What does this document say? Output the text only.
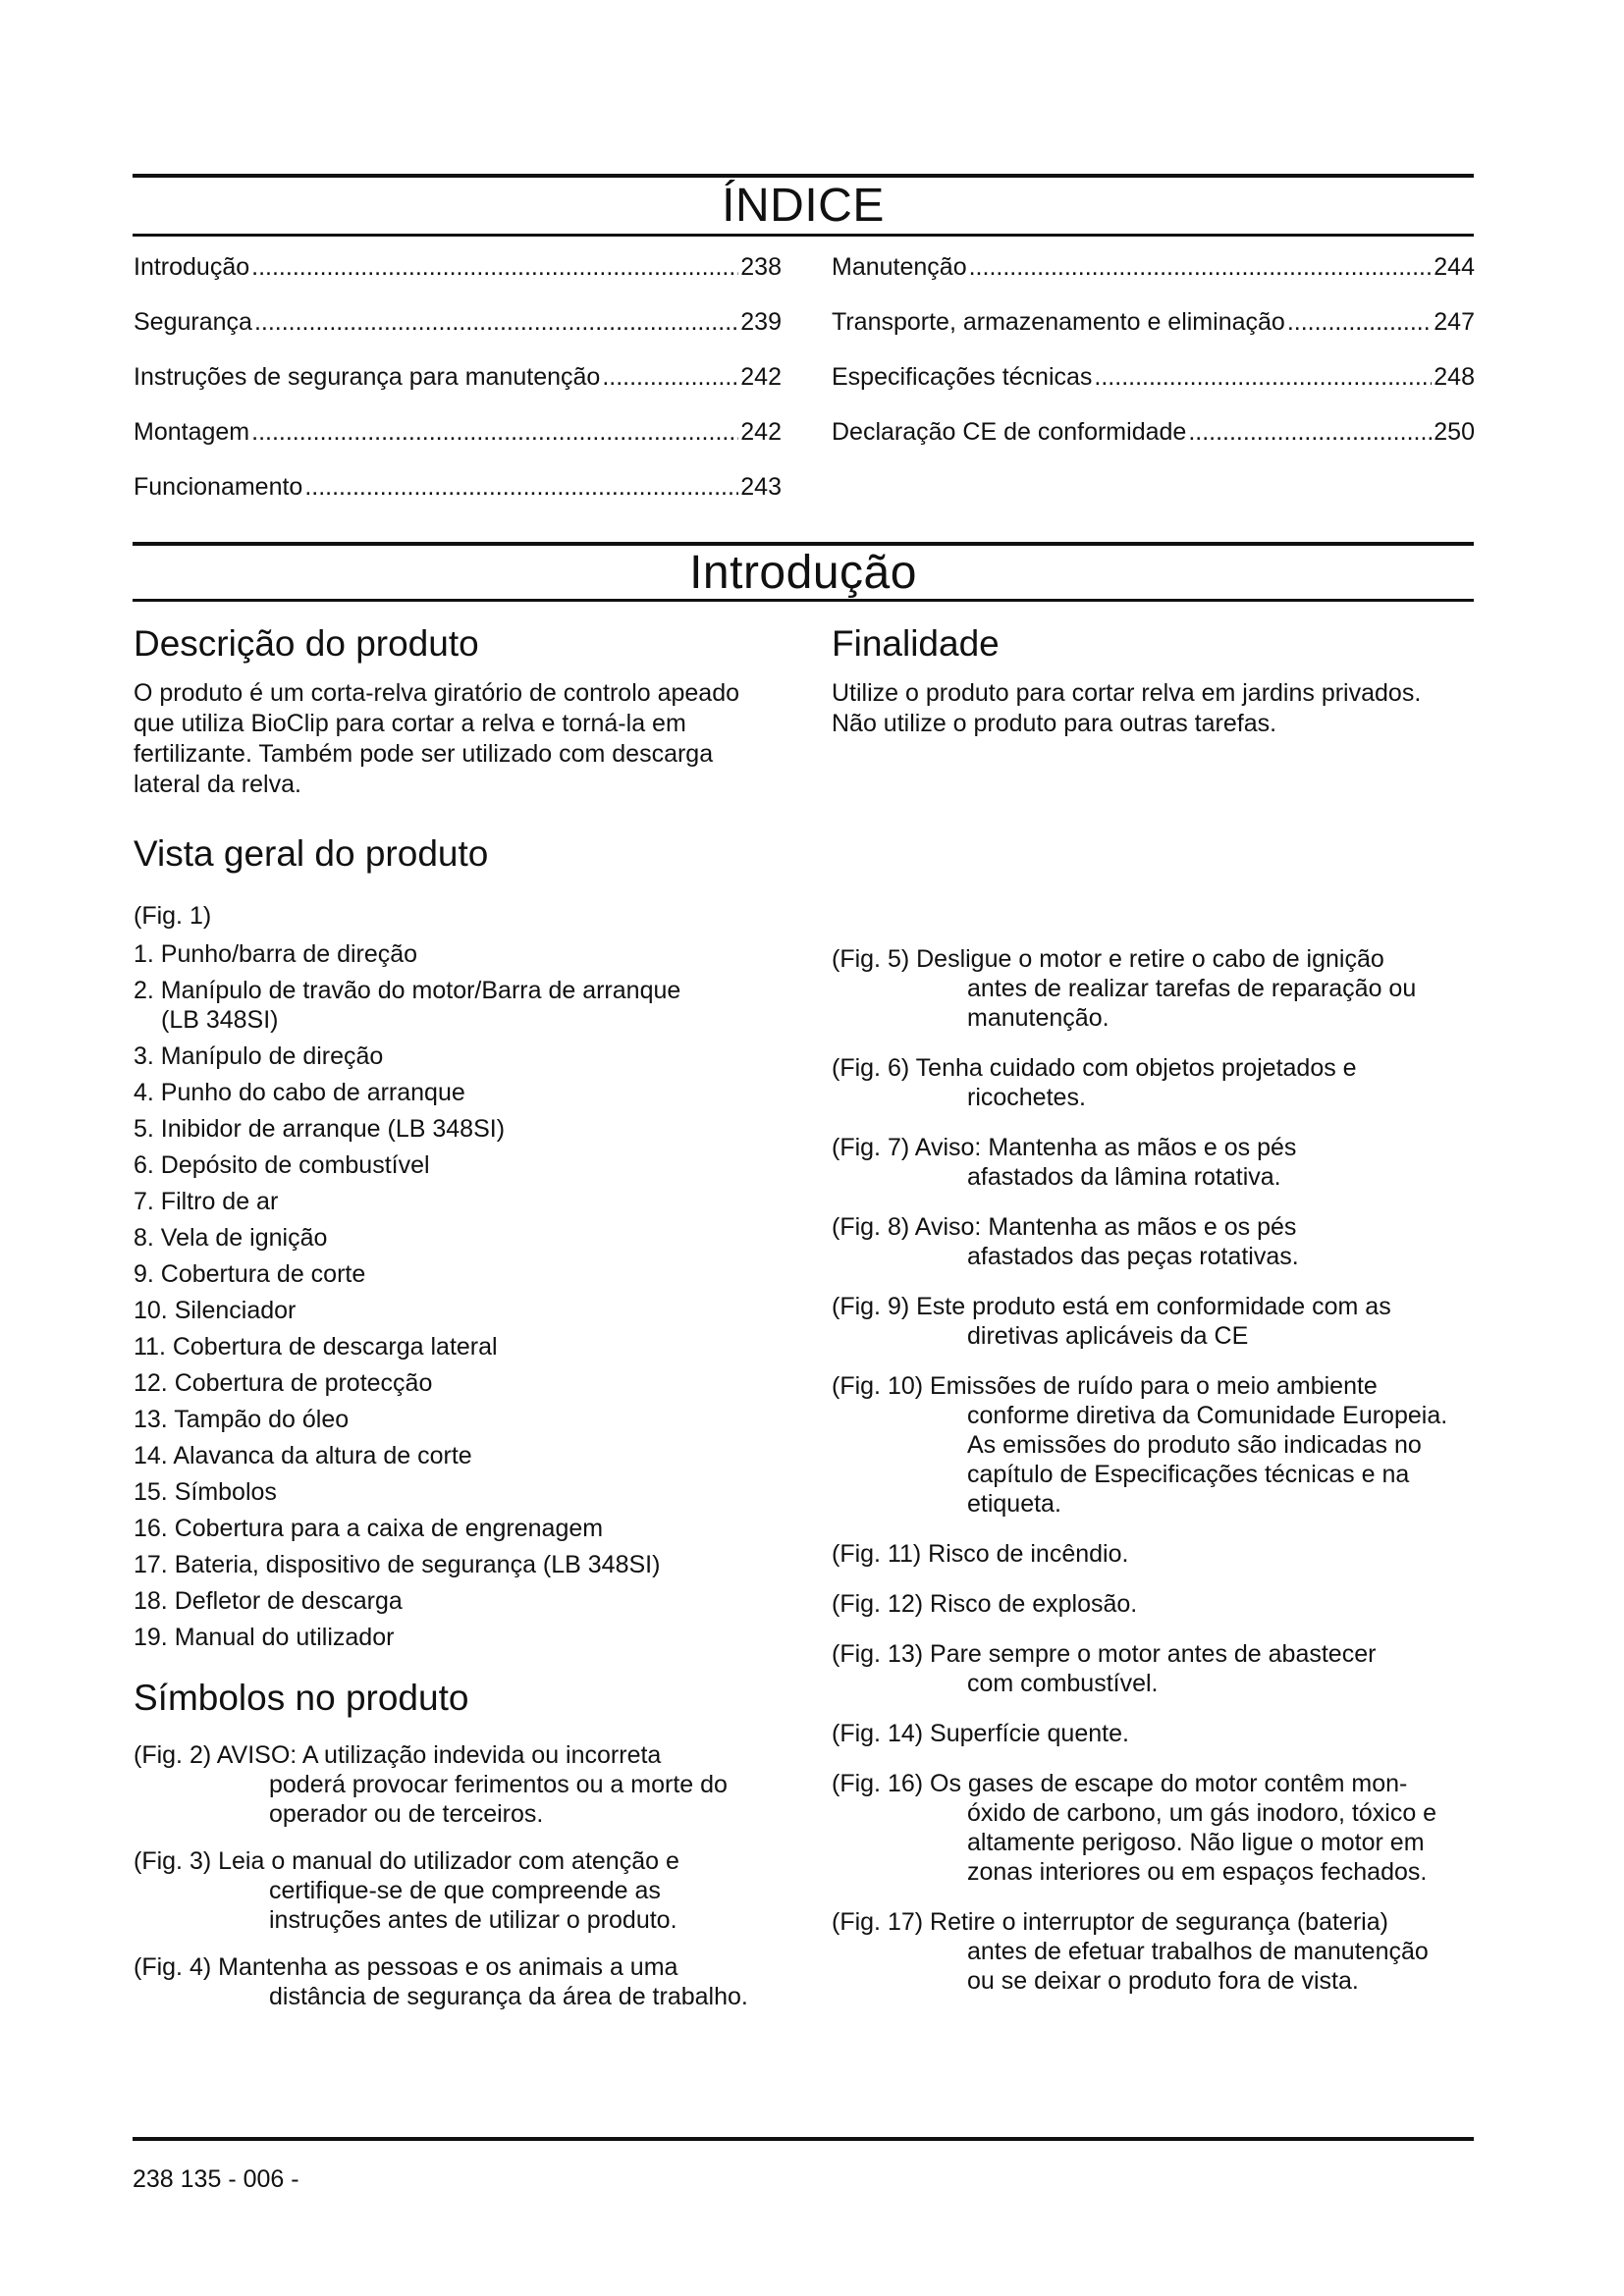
ÍNDICE
Introdução .....	238
Segurança .....	239
Instruções de segurança para manutenção .....	242
Montagem .....	242
Funcionamento .....	243
Manutenção .....	244
Transporte, armazenamento e eliminação .....	247
Especificações técnicas .....	248
Declaração CE de conformidade .....	250
Introdução
Descrição do produto
O produto é um corta-relva giratório de controlo apeado que utiliza BioClip para cortar a relva e torná-la em fertilizante. Também pode ser utilizado com descarga lateral da relva.
Finalidade
Utilize o produto para cortar relva em jardins privados. Não utilize o produto para outras tarefas.
Vista geral do produto
(Fig. 1)
1. Punho/barra de direção
2. Manípulo de travão do motor/Barra de arranque
(LB 348SI)
3. Manípulo de direção
4. Punho do cabo de arranque
5. Inibidor de arranque (LB 348SI)
6. Depósito de combustível
7. Filtro de ar
8. Vela de ignição
9. Cobertura de corte
10. Silenciador
11. Cobertura de descarga lateral
12. Cobertura de protecção
13. Tampão do óleo
14. Alavanca da altura de corte
15. Símbolos
16. Cobertura para a caixa de engrenagem
17. Bateria, dispositivo de segurança (LB 348SI)
18. Defletor de descarga
19. Manual do utilizador
Símbolos no produto
(Fig. 2) AVISO: A utilização indevida ou incorreta
poderá provocar ferimentos ou a morte do
operador ou de terceiros.
(Fig. 3) Leia o manual do utilizador com atenção e
certifique-se de que compreende as
instruções antes de utilizar o produto.
(Fig. 4) Mantenha as pessoas e os animais a uma
distância de segurança da área de trabalho.
(Fig. 5) Desligue o motor e retire o cabo de ignição
antes de realizar tarefas de reparação ou
manutenção.
(Fig. 6) Tenha cuidado com objetos projetados e
ricochetes.
(Fig. 7) Aviso: Mantenha as mãos e os pés
afastados da lâmina rotativa.
(Fig. 8) Aviso: Mantenha as mãos e os pés
afastados das peças rotativas.
(Fig. 9) Este produto está em conformidade com as
diretivas aplicáveis da CE
(Fig. 10) Emissões de ruído para o meio ambiente
conforme diretiva da Comunidade Europeia.
As emissões do produto são indicadas no
capítulo de Especificações técnicas e na
etiqueta.
(Fig. 11) Risco de incêndio.
(Fig. 12) Risco de explosão.
(Fig. 13) Pare sempre o motor antes de abastecer
com combustível.
(Fig. 14) Superfície quente.
(Fig. 16) Os gases de escape do motor contêm mon-
óxido de carbono, um gás inodoro, tóxico e
altamente perigoso. Não ligue o motor em
zonas interiores ou em espaços fechados.
(Fig. 17) Retire o interruptor de segurança (bateria)
antes de efetuar trabalhos de manutenção
ou se deixar o produto fora de vista.
238 135 - 006 -
